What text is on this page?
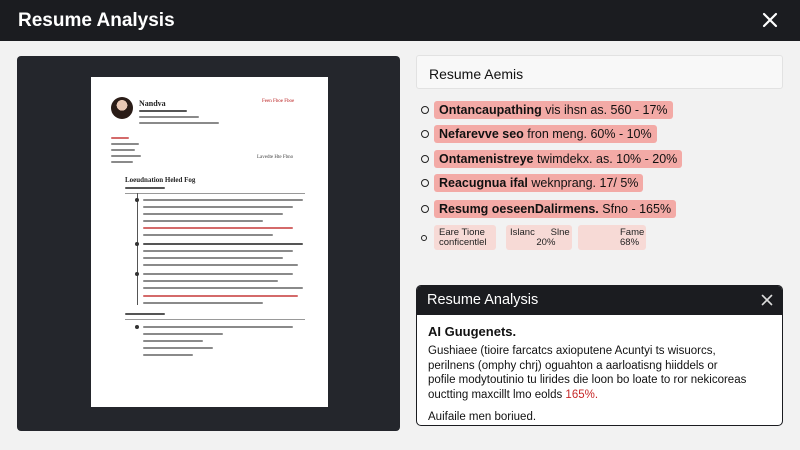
Resume Analysis
Nandva	Feen Fboe Fboe
Lavedte Hte Fbno
Loeudnation Heled Fog
Resume Aemis
Ontancaupathing vis ihsn as. 560 - 17%
Nefarevve seo fron meng. 60% - 10%
Ontamenistreye twimdekx. as. 10% - 20%
Reacugnua ifal weknprang. 17/ 5%
Resumg oeseenDalirmens. Sfno - 165%
Eare Tione
conficentlel
Islanc      Slne
20%
Fame
68%
Resume Analysis
AI Guugenets.
Gushiaee (tioire farcatcs axioputene Acuntyi ts wisuorcs,
perilnens (omphy chrj) oguahton a aarloatisng hiiddels or
pofile modytoutinio tu lirides die loon bo loate to ror nekicoreas
ouctting maxcillt lmo eolds 165%.
Auifaile men boriued.
